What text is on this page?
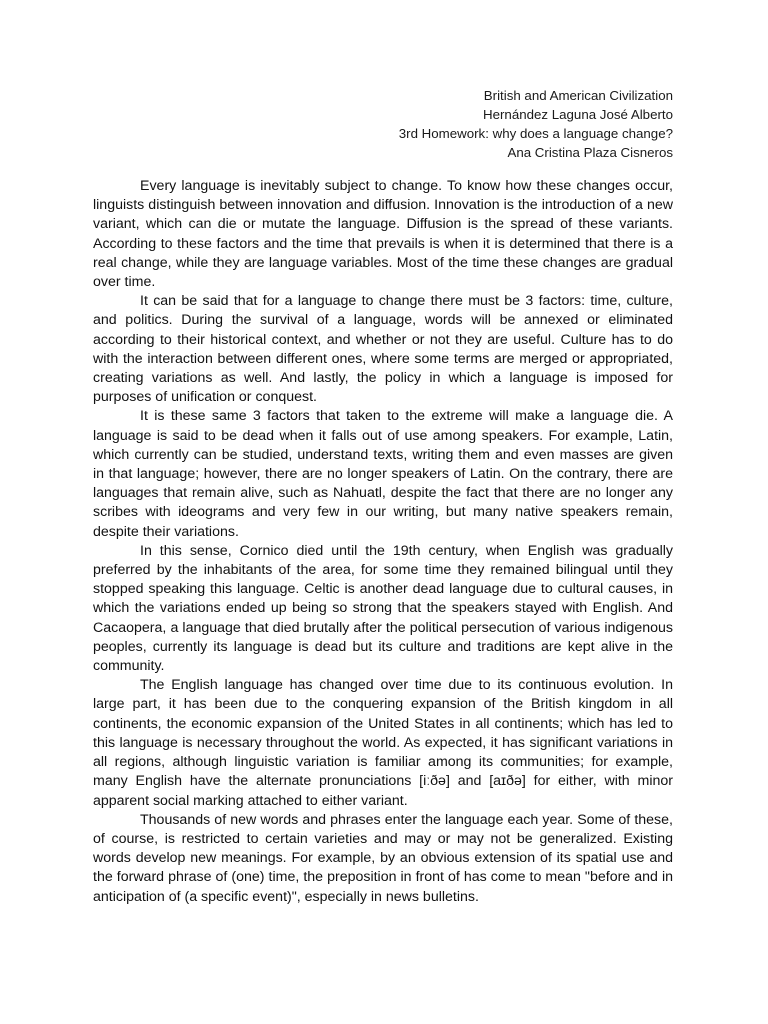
British and American Civilization
Hernández Laguna José Alberto
3rd Homework: why does a language change?
Ana Cristina Plaza Cisneros

Every language is inevitably subject to change. To know how these changes occur, linguists distinguish between innovation and diffusion. Innovation is the introduction of a new variant, which can die or mutate the language. Diffusion is the spread of these variants. According to these factors and the time that prevails is when it is determined that there is a real change, while they are language variables. Most of the time these changes are gradual over time.

It can be said that for a language to change there must be 3 factors: time, culture, and politics. During the survival of a language, words will be annexed or eliminated according to their historical context, and whether or not they are useful. Culture has to do with the interaction between different ones, where some terms are merged or appropriated, creating variations as well. And lastly, the policy in which a language is imposed for purposes of unification or conquest.

It is these same 3 factors that taken to the extreme will make a language die. A language is said to be dead when it falls out of use among speakers. For example, Latin, which currently can be studied, understand texts, writing them and even masses are given in that language; however, there are no longer speakers of Latin. On the contrary, there are languages that remain alive, such as Nahuatl, despite the fact that there are no longer any scribes with ideograms and very few in our writing, but many native speakers remain, despite their variations.

In this sense, Cornico died until the 19th century, when English was gradually preferred by the inhabitants of the area, for some time they remained bilingual until they stopped speaking this language. Celtic is another dead language due to cultural causes, in which the variations ended up being so strong that the speakers stayed with English. And Cacaopera, a language that died brutally after the political persecution of various indigenous peoples, currently its language is dead but its culture and traditions are kept alive in the community.

The English language has changed over time due to its continuous evolution. In large part, it has been due to the conquering expansion of the British kingdom in all continents, the economic expansion of the United States in all continents; which has led to this language is necessary throughout the world. As expected, it has significant variations in all regions, although linguistic variation is familiar among its communities; for example, many English have the alternate pronunciations [iːðə] and [aɪðə] for either, with minor apparent social marking attached to either variant.

Thousands of new words and phrases enter the language each year. Some of these, of course, is restricted to certain varieties and may or may not be generalized. Existing words develop new meanings. For example, by an obvious extension of its spatial use and the forward phrase of (one) time, the preposition in front of has come to mean "before and in anticipation of (a specific event)", especially in news bulletins.
